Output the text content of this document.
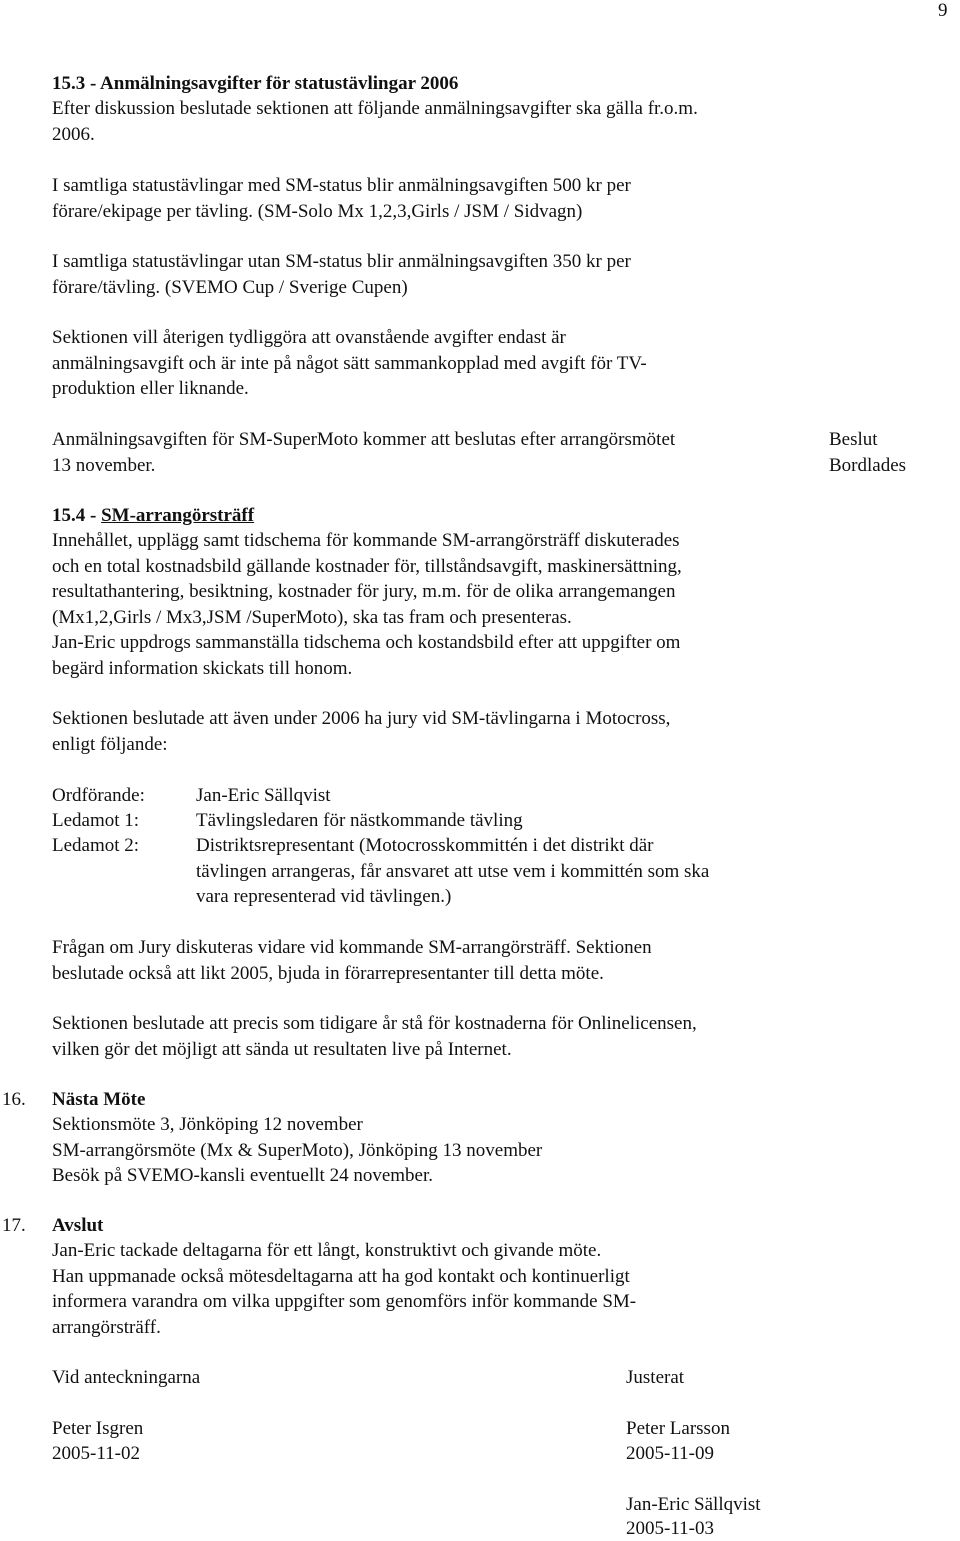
9
15.3 - Anmälningsavgifter för statustävlingar 2006
Efter diskussion beslutade sektionen att följande anmälningsavgifter ska gälla fr.o.m.
2006.
I samtliga statustävlingar med SM-status blir anmälningsavgiften 500 kr per
förare/ekipage per tävling. (SM-Solo Mx 1,2,3,Girls / JSM / Sidvagn)
I samtliga statustävlingar utan SM-status blir anmälningsavgiften 350 kr per
förare/tävling. (SVEMO Cup / Sverige Cupen)
Sektionen vill återigen tydliggöra att ovanstående avgifter endast är
anmälningsavgift och är inte på något sätt sammankopplad med avgift för TV-
produktion eller liknande.
Anmälningsavgiften för SM-SuperMoto kommer att beslutas efter arrangörsmötet
13 november.
Beslut
Bordlades
15.4 - SM-arrangörsträff
Innehållet, upplägg samt tidschema för kommande SM-arrangörsträff diskuterades
och en total kostnadsbild gällande kostnader för, tillståndsavgift, maskinersättning,
resultathantering, besiktning, kostnader för jury, m.m. för de olika arrangemangen
(Mx1,2,Girls / Mx3,JSM /SuperMoto), ska tas fram och presenteras.
Jan-Eric uppdrogs sammanställa tidschema och kostandsbild efter att uppgifter om
begärd information skickats till honom.
Sektionen beslutade att även under 2006 ha jury vid SM-tävlingarna i Motocross,
enligt följande:
Ordförande:	Jan-Eric Sällqvist
Ledamot 1:	Tävlingsledaren för nästkommande tävling
Ledamot 2:	Distriktsrepresentant (Motocrosskommittén i det distrikt där
tävlingen arrangeras, får ansvaret att utse vem i kommittén som ska
vara representerad vid tävlingen.)
Frågan om Jury diskuteras vidare vid kommande SM-arrangörsträff. Sektionen
beslutade också att likt 2005, bjuda in förarrepresentanter till detta möte.
Sektionen beslutade att precis som tidigare år stå för kostnaderna för Onlinelicensen,
vilken gör det möjligt att sända ut resultaten live på Internet.
16. Nästa Möte
Sektionsmöte 3, Jönköping 12 november
SM-arrangörsmöte (Mx & SuperMoto), Jönköping 13 november
Besök på SVEMO-kansli eventuellt 24 november.
17. Avslut
Jan-Eric tackade deltagarna för ett långt, konstruktivt och givande möte.
Han uppmanade också mötesdeltagarna att ha god kontakt och kontinuerligt
informera varandra om vilka uppgifter som genomförs inför kommande SM-
arrangörsträff.
Vid anteckningarna	Justerat
Peter Isgren
2005-11-02
Peter Larsson
2005-11-09
Jan-Eric Sällqvist
2005-11-03
